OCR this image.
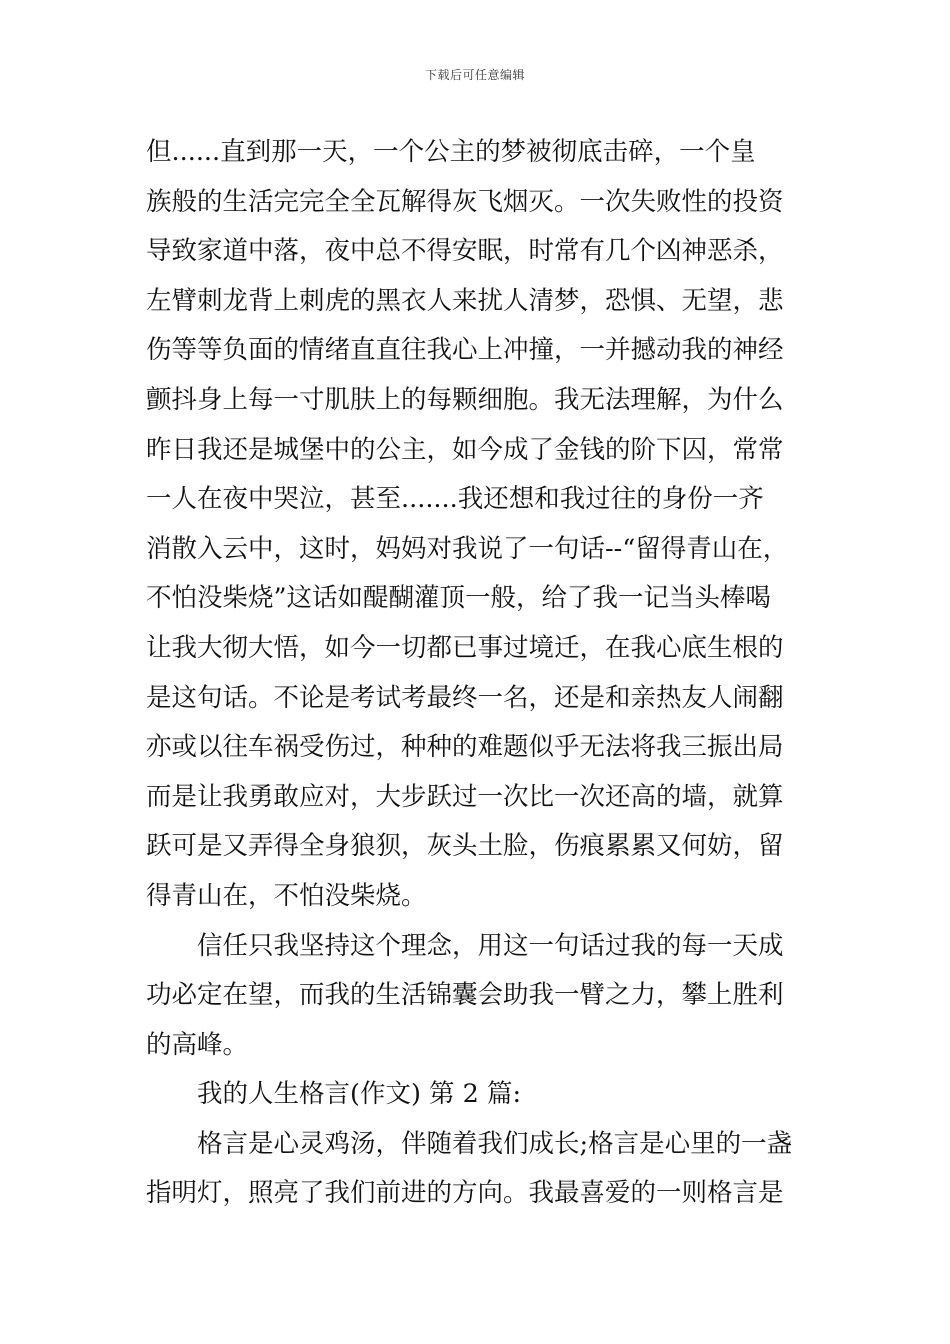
下载后可任意编辑
但......直到那一天，一个公主的梦被彻底击碎，一个皇
族般的生活完完全全瓦解得灰飞烟灭。一次失败性的投资
导致家道中落，夜中总不得安眠，时常有几个凶神恶杀，
左臂刺龙背上刺虎的黑衣人来扰人清梦，恐惧、无望，悲
伤等等负面的情绪直直往我心上冲撞，一并撼动我的神经
颤抖身上每一寸肌肤上的每颗细胞。我无法理解，为什么
昨日我还是城堡中的公主，如今成了金钱的阶下囚，常常
一人在夜中哭泣，甚至.......我还想和我过往的身份一齐
消散入云中，这时，妈妈对我说了一句话--“留得青山在，
不怕没柴烧”这话如醍醐灌顶一般，给了我一记当头棒喝
让我大彻大悟，如今一切都已事过境迁，在我心底生根的
是这句话。不论是考试考最终一名，还是和亲热友人闹翻
亦或以往车祸受伤过，种种的难题似乎无法将我三振出局
而是让我勇敢应对，大步跃过一次比一次还高的墙，就算
跃可是又弄得全身狼狈，灰头土脸，伤痕累累又何妨，留
得青山在，不怕没柴烧。
信任只我坚持这个理念，用这一句话过我的每一天成
功必定在望，而我的生活锦囊会助我一臂之力，攀上胜利
的高峰。
我的人生格言(作文) 第 2 篇:
格言是心灵鸡汤，伴随着我们成长;格言是心里的一盏
指明灯，照亮了我们前进的方向。我最喜爱的一则格言是
